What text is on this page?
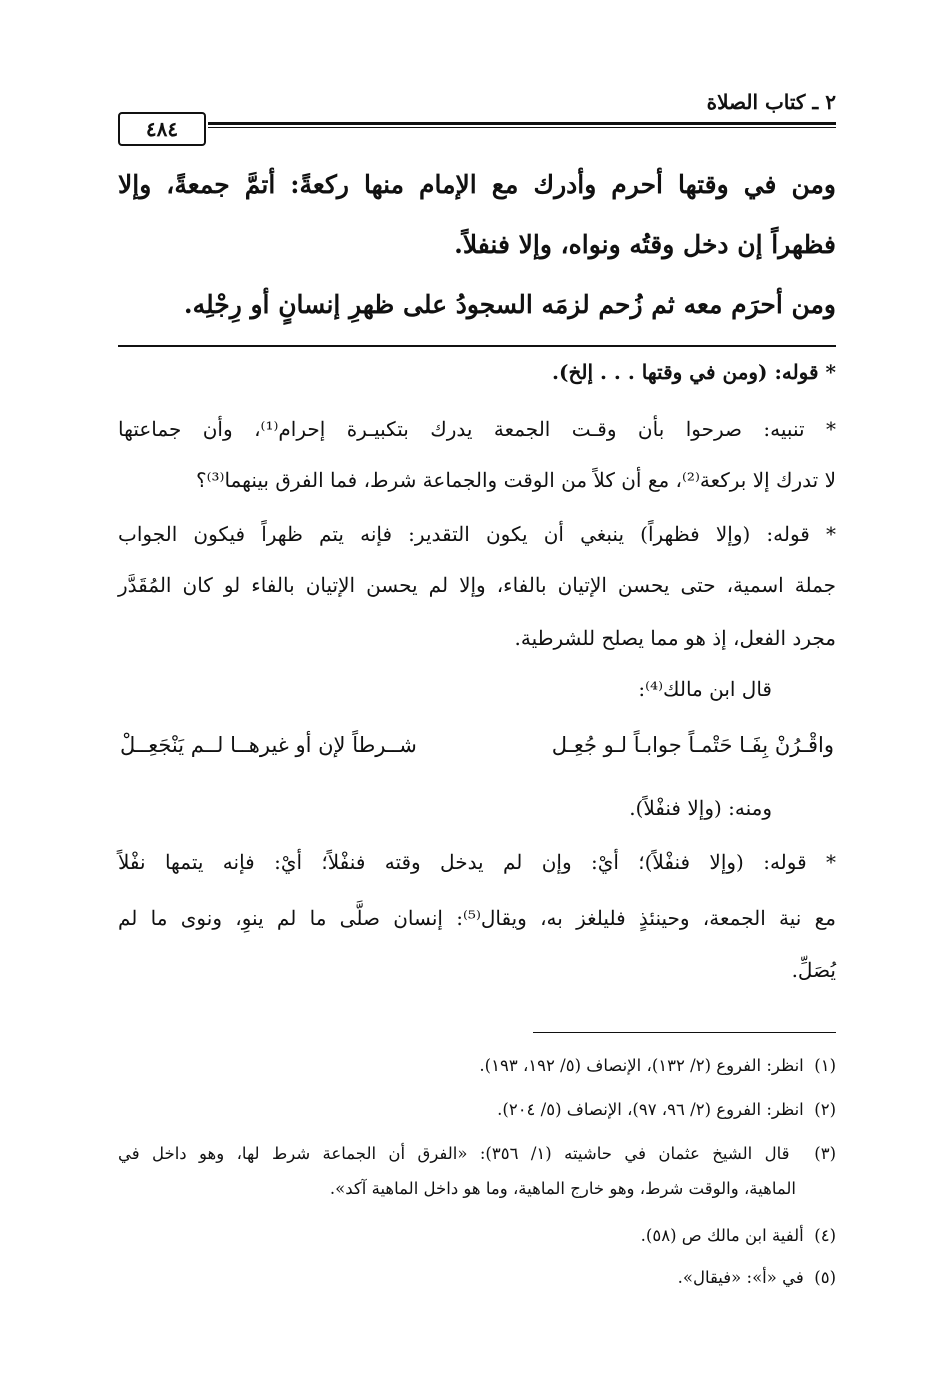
٤٨٤
٢ ـ كتاب الصلاة
ومن في وقتها أحرم وأدرك مع الإمام منها ركعةً: أتمَّ جمعةً، وإلا
فظهراً إن دخل وقتُه ونواه، وإلا فنفلاً.
ومن أحرَم معه ثم زُحم لزمَه السجودُ على ظهرِ إنسانٍ أو رِجْلِه.
* قوله: (ومن في وقتها . . . إلخ).
* تنبيه: صرحوا بأن وقـت الجمعة يدرك بتكبيـرة إحرام⁽¹⁾، وأن جماعتها
لا تدرك إلا بركعة⁽²⁾، مع أن كلاً من الوقت والجماعة شرط، فما الفرق بينهما⁽³⁾؟
* قوله: (وإلا فظهراً) ينبغي أن يكون التقدير: فإنه يتم ظهراً فيكون الجواب
جملة اسمية، حتى يحسن الإتيان بالفاء، وإلا لم يحسن الإتيان بالفاء لو كان المُقَدَّر
مجرد الفعل، إذ هو مما يصلح للشرطية.
قال ابن مالك⁽⁴⁾:
واقْـرُنْ بِفَـا حَتْمـاً جوابـاً لـو جُعِـل
شــرطاً لإن أو غيرهــا لــم يَنْجَعِــلْ
ومنه: (وإلا فنفْلاً).
* قوله: (وإلا فنفْلاً)؛ أيْ: وإن لم يدخل وقته فنفْلاً؛ أيْ: فإنه يتمها نفْلاً
مع نية الجمعة، وحينئذٍ فليلغز به، ويقال⁽⁵⁾: إنسان صلَّى ما لم ينوِ، ونوى ما لم
يُصَلِّ.
(١)  انظر: الفروع (٢/ ١٣٢)، الإنصاف (٥/ ١٩٢، ١٩٣).
(٢)  انظر: الفروع (٢/ ٩٦، ٩٧)، الإنصاف (٥/ ٢٠٤).
(٣)  قال الشيخ عثمان في حاشيته (١/ ٣٥٦): «الفرق أن الجماعة شرط لها، وهو داخل في
الماهية، والوقت شرط، وهو خارج الماهية، وما هو داخل الماهية آكد».
(٤)  ألفية ابن مالك ص (٥٨).
(٥)  في «أ»: «فيقال».
